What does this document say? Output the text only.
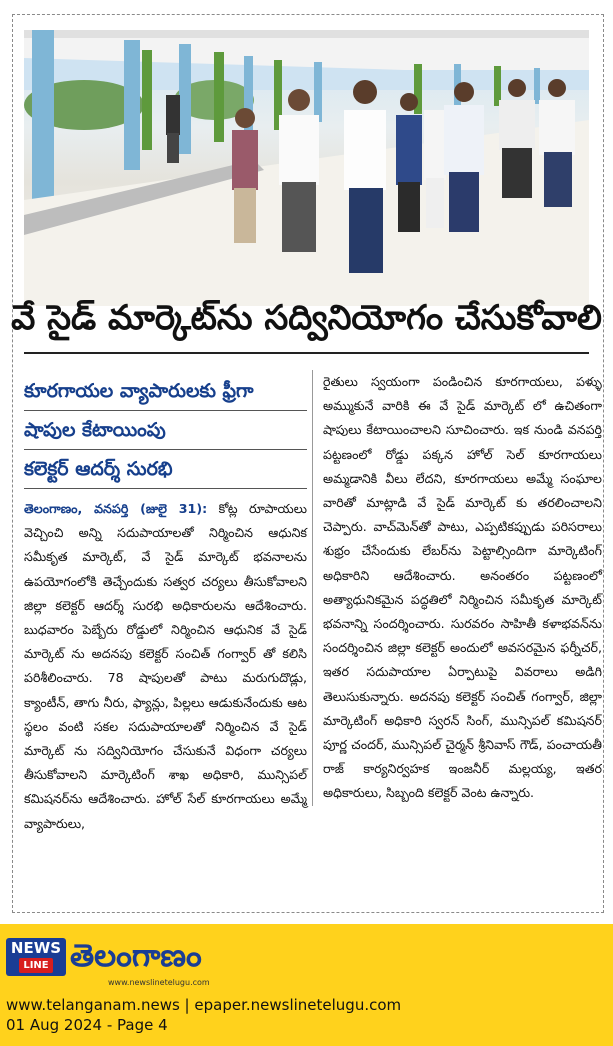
వే సైడ్ మార్కెట్‌ను సద్వినియోగం చేసుకోవాలి
కూరగాయల వ్యాపారులకు ఫ్రీగా
షాపుల కేటాయింపు
కలెక్టర్ ఆదర్శ్ సురభి
తెలంగాణం, వనపర్తి (జులై 31): కోట్ల రూపాయలు వెచ్చించి అన్ని సదుపాయాలతో నిర్మించిన ఆధునిక సమీకృత మార్కెట్, వే సైడ్ మార్కెట్ భవనాలను ఉపయోగంలోకి తెచ్చేందుకు సత్వర చర్యలు తీసుకోవాలని జిల్లా కలెక్టర్ ఆదర్శ్ సురభి అధికారులను ఆదేశించారు. బుధవారం పెబ్బేరు రోడ్డులో నిర్మించిన ఆధునిక వే సైడ్ మార్కెట్ ను అదనపు కలెక్టర్ సంచిత్ గంగ్వార్ తో కలిసి పరిశీలించారు. 78 షాపులతో పాటు మరుగుదొడ్లు, క్యాంటీన్, తాగు నీరు, ఫ్యాన్లు, పిల్లలు ఆడుకునేందుకు ఆట స్థలం వంటి సకల సదుపాయాలతో నిర్మించిన వే సైడ్ మార్కెట్ ను సద్వినియోగం చేసుకునే విధంగా చర్యలు తీసుకోవాలని మార్కెటింగ్ శాఖ అధికారి, మున్సిపల్ కమిషనర్‌ను ఆదేశించారు. హోల్ సేల్ కూరగాయలు అమ్మే వ్యాపారులు,
రైతులు స్వయంగా పండించిన కూరగాయలు, పళ్ళు అమ్ముకునే వారికి ఈ వే సైడ్ మార్కెట్ లో ఉచితంగా షాపులు కేటాయించాలని సూచించారు. ఇక నుండి వనపర్తి పట్టణంలో రోడ్డు పక్కన హోల్ సెల్ కూరగాయలు అమ్మడానికి వీలు లేదని, కూరగాయలు అమ్మే సంఘాల వారితో మాట్లాడి వే సైడ్ మార్కెట్ కు తరలించాలని చెప్పారు. వాచ్‌మెన్‌తో పాటు, ఎప్పటికప్పుడు పరిసరాలు శుభ్రం చేసేందుకు లేబర్‌ను పెట్టాల్సిందిగా మార్కెటింగ్ అధికారిని ఆదేశించారు. అనంతరం పట్టణంలో అత్యాధునికమైన పద్ధతిలో నిర్మించిన సమీకృత మార్కెట్ భవనాన్ని సందర్శించారు. సురవరం సాహితీ కళాభవన్‌ను సందర్శించిన జిల్లా కలెక్టర్ అందులో అవసరమైన ఫర్నీచర్, ఇతర సదుపాయాల ఏర్పాటుపై వివరాలు అడిగి తెలుసుకున్నారు. అదనపు కలెక్టర్ సంచిత్ గంగ్వార్, జిల్లా మార్కెటింగ్ అధికారి స్వరన్ సింగ్, మున్సిపల్ కమిషనర్ పూర్ణ చందర్, మున్సిపల్ చైర్మన్ శ్రీనివాస్ గౌడ్, పంచాయతీ రాజ్ కార్యనిర్వహక ఇంజనీర్ మల్లయ్య, ఇతర అధికారులు, సిబ్బంది కలెక్టర్ వెంట ఉన్నారు.
NEWS
LINE తెలంగాణం
www.newslinetelugu.com
www.telanganam.news | epaper.newslinetelugu.com
01 Aug 2024 - Page 4
